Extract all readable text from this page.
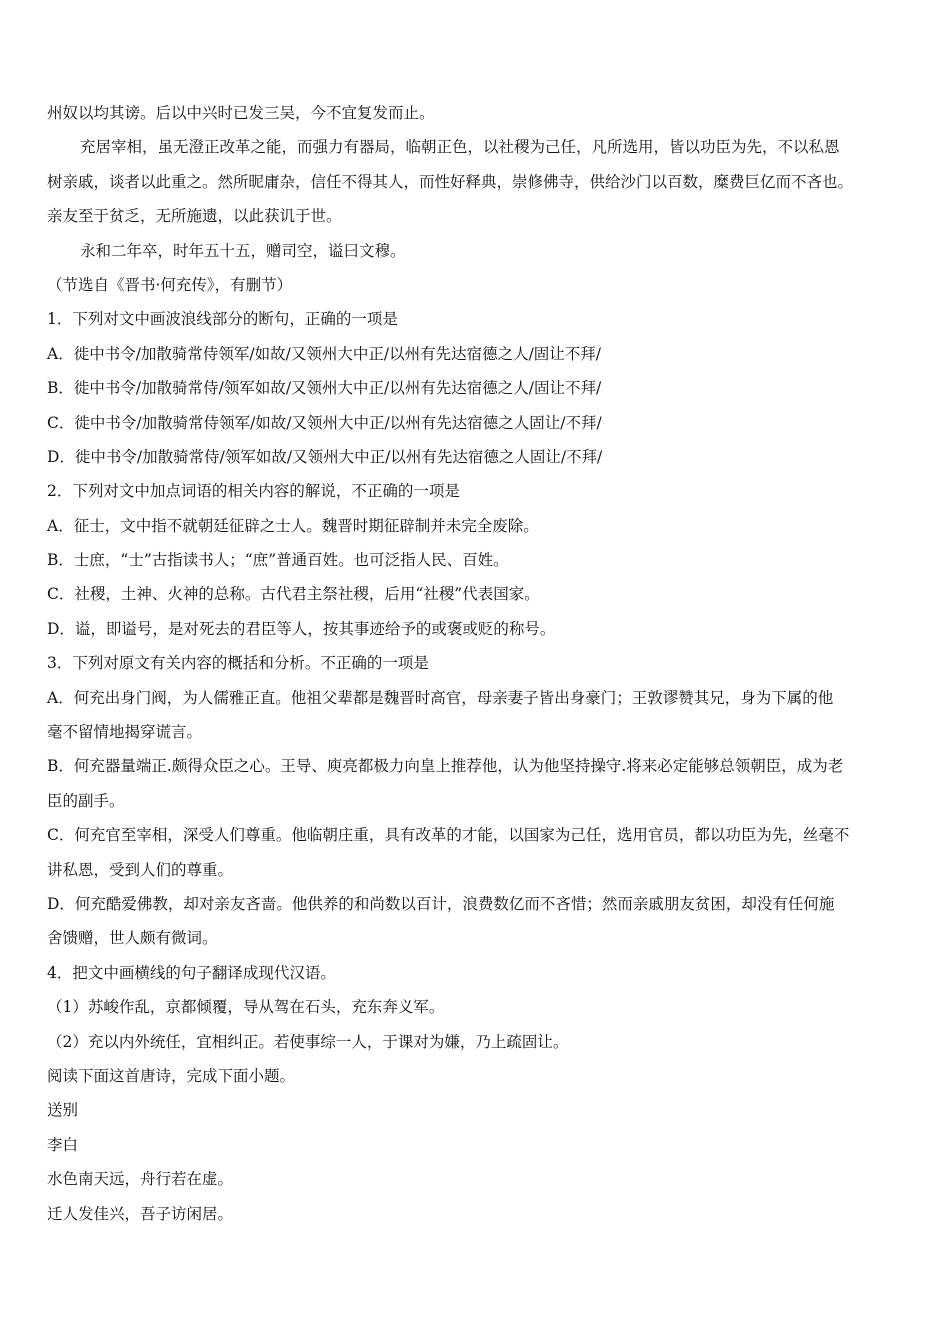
州奴以均其谤。后以中兴时已发三吴，今不宜复发而止。
充居宰相，虽无澄正改革之能，而强力有器局，临朝正色，以社稷为己任，凡所选用，皆以功臣为先，不以私恩
树亲戚，谈者以此重之。然所昵庸杂，信任不得其人，而性好释典，崇修佛寺，供给沙门以百数，糜费巨亿而不吝也。
亲友至于贫乏，无所施遗，以此获讥于世。
永和二年卒，时年五十五，赠司空，谥曰文穆。
（节选自《晋书·何充传》，有删节）
1．下列对文中画波浪线部分的断句，正确的一项是
A．徙中书令/加散骑常侍领军/如故/又领州大中正/以州有先达宿德之人/固让不拜/
B．徙中书令/加散骑常侍/领军如故/又领州大中正/以州有先达宿德之人/固让不拜/
C．徙中书令/加散骑常侍领军/如故/又领州大中正/以州有先达宿德之人固让/不拜/
D．徙中书令/加散骑常侍/领军如故/又领州大中正/以州有先达宿德之人固让/不拜/
2．下列对文中加点词语的相关内容的解说，不正确的一项是
A．征士，文中指不就朝廷征辟之士人。魏晋时期征辟制并未完全废除。
B．士庶，“士”古指读书人；“庶”普通百姓。也可泛指人民、百姓。
C．社稷，土神、火神的总称。古代君主祭社稷，后用“社稷”代表国家。
D．谥，即谥号，是对死去的君臣等人，按其事迹给予的或褒或贬的称号。
3．下列对原文有关内容的概括和分析。不正确的一项是
A．何充出身门阀，为人儒雅正直。他祖父辈都是魏晋时高官，母亲妻子皆出身豪门；王敦谬赞其兄，身为下属的他
毫不留情地揭穿谎言。
B．何充器量端正.颇得众臣之心。王导、庾亮都极力向皇上推荐他，认为他坚持操守.将来必定能够总领朝臣，成为老
臣的副手。
C．何充官至宰相，深受人们尊重。他临朝庄重，具有改革的才能，以国家为己任，选用官员，都以功臣为先，丝毫不
讲私恩，受到人们的尊重。
D．何充酷爱佛教，却对亲友吝啬。他供养的和尚数以百计，浪费数亿而不吝惜；然而亲戚朋友贫困，却没有任何施
舍馈赠，世人颇有微词。
4．把文中画横线的句子翻译成现代汉语。
（1）苏峻作乱，京都倾覆，导从驾在石头，充东奔义军。
（2）充以内外统任，宜相纠正。若使事综一人，于课对为嫌，乃上疏固让。
阅读下面这首唐诗，完成下面小题。
送别
李白
水色南天远，舟行若在虚。
迁人发佳兴，吾子访闲居。
